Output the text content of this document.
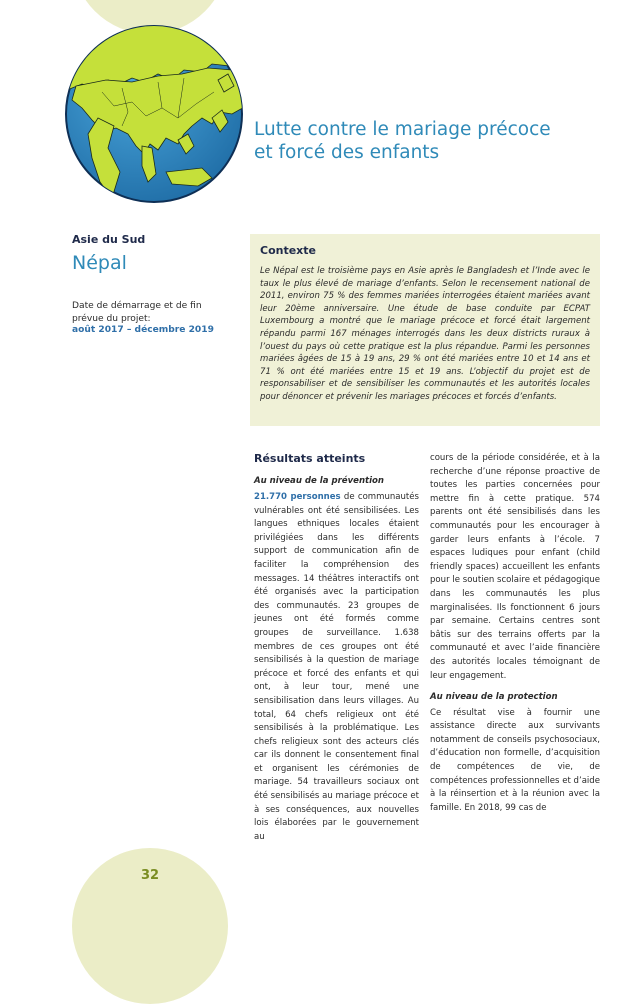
Lutte contre le mariage précoce
et forcé des enfants
Asie du Sud
Népal
Date de démarrage et de fin prévue du projet:
août 2017 – décembre 2019
Contexte

Le Népal est le troisième pays en Asie après le Bangladesh et l’Inde avec le taux le plus élevé de mariage d’enfants. Selon le recensement national de 2011, environ 75 % des femmes mariées interrogées étaient mariées avant leur 20ème anniversaire. Une étude de base conduite par ECPAT Luxembourg a montré que le mariage précoce et forcé était largement répandu parmi 167 ménages interrogés dans les deux districts ruraux à l’ouest du pays où cette pratique est la plus répandue. Parmi les personnes mariées âgées de 15 à 19 ans, 29 % ont été mariées entre 10 et 14 ans et 71 % ont été mariées entre 15 et 19 ans. L’objectif du projet est de responsabiliser et de sensibiliser les communautés et les autorités locales pour dénoncer et prévenir les mariages précoces et forcés d’enfants.

Résultats atteints
Au niveau de la prévention

21.770 personnes de communautés vulnérables ont été sensibilisées. Les langues ethniques locales étaient privilégiées dans les différents support de communication afin de faciliter la compréhension des messages. 14 théâtres interactifs ont été organisés avec la participation des communautés. 23 groupes de jeunes ont été formés comme groupes de surveillance. 1.638 membres de ces groupes ont été sensibilisés à la question de mariage précoce et forcé des enfants et qui ont, à leur tour, mené une sensibilisation dans leurs villages. Au total, 64 chefs religieux ont été sensibilisés à la problématique. Les chefs religieux sont des acteurs clés car ils donnent le consentement final et organisent les cérémonies de mariage. 54 travailleurs sociaux ont été sensibilisés au mariage précoce et à ses conséquences, aux nouvelles lois élaborées par le gouvernement au

cours de la période considérée, et à la recherche d’une réponse proactive de toutes les parties concernées pour mettre fin à cette pratique. 574 parents ont été sensibilisés dans les communautés pour les encourager à garder leurs enfants à l’école. 7 espaces ludiques pour enfant (child friendly spaces) accueillent les enfants pour le soutien scolaire et pédagogique dans les communautés les plus marginalisées. Ils fonctionnent 6 jours par semaine. Certains centres sont bâtis sur des terrains offerts par la communauté et avec l’aide financière des autorités locales témoignant de leur engagement.

Au niveau de la protection

Ce résultat vise à fournir une assistance directe aux survivants notamment de conseils psychosociaux, d’éducation non formelle, d’acquisition de compétences de vie, de compétences professionnelles et d’aide à la réinsertion et à la réunion avec la famille. En 2018, 99 cas de

32
